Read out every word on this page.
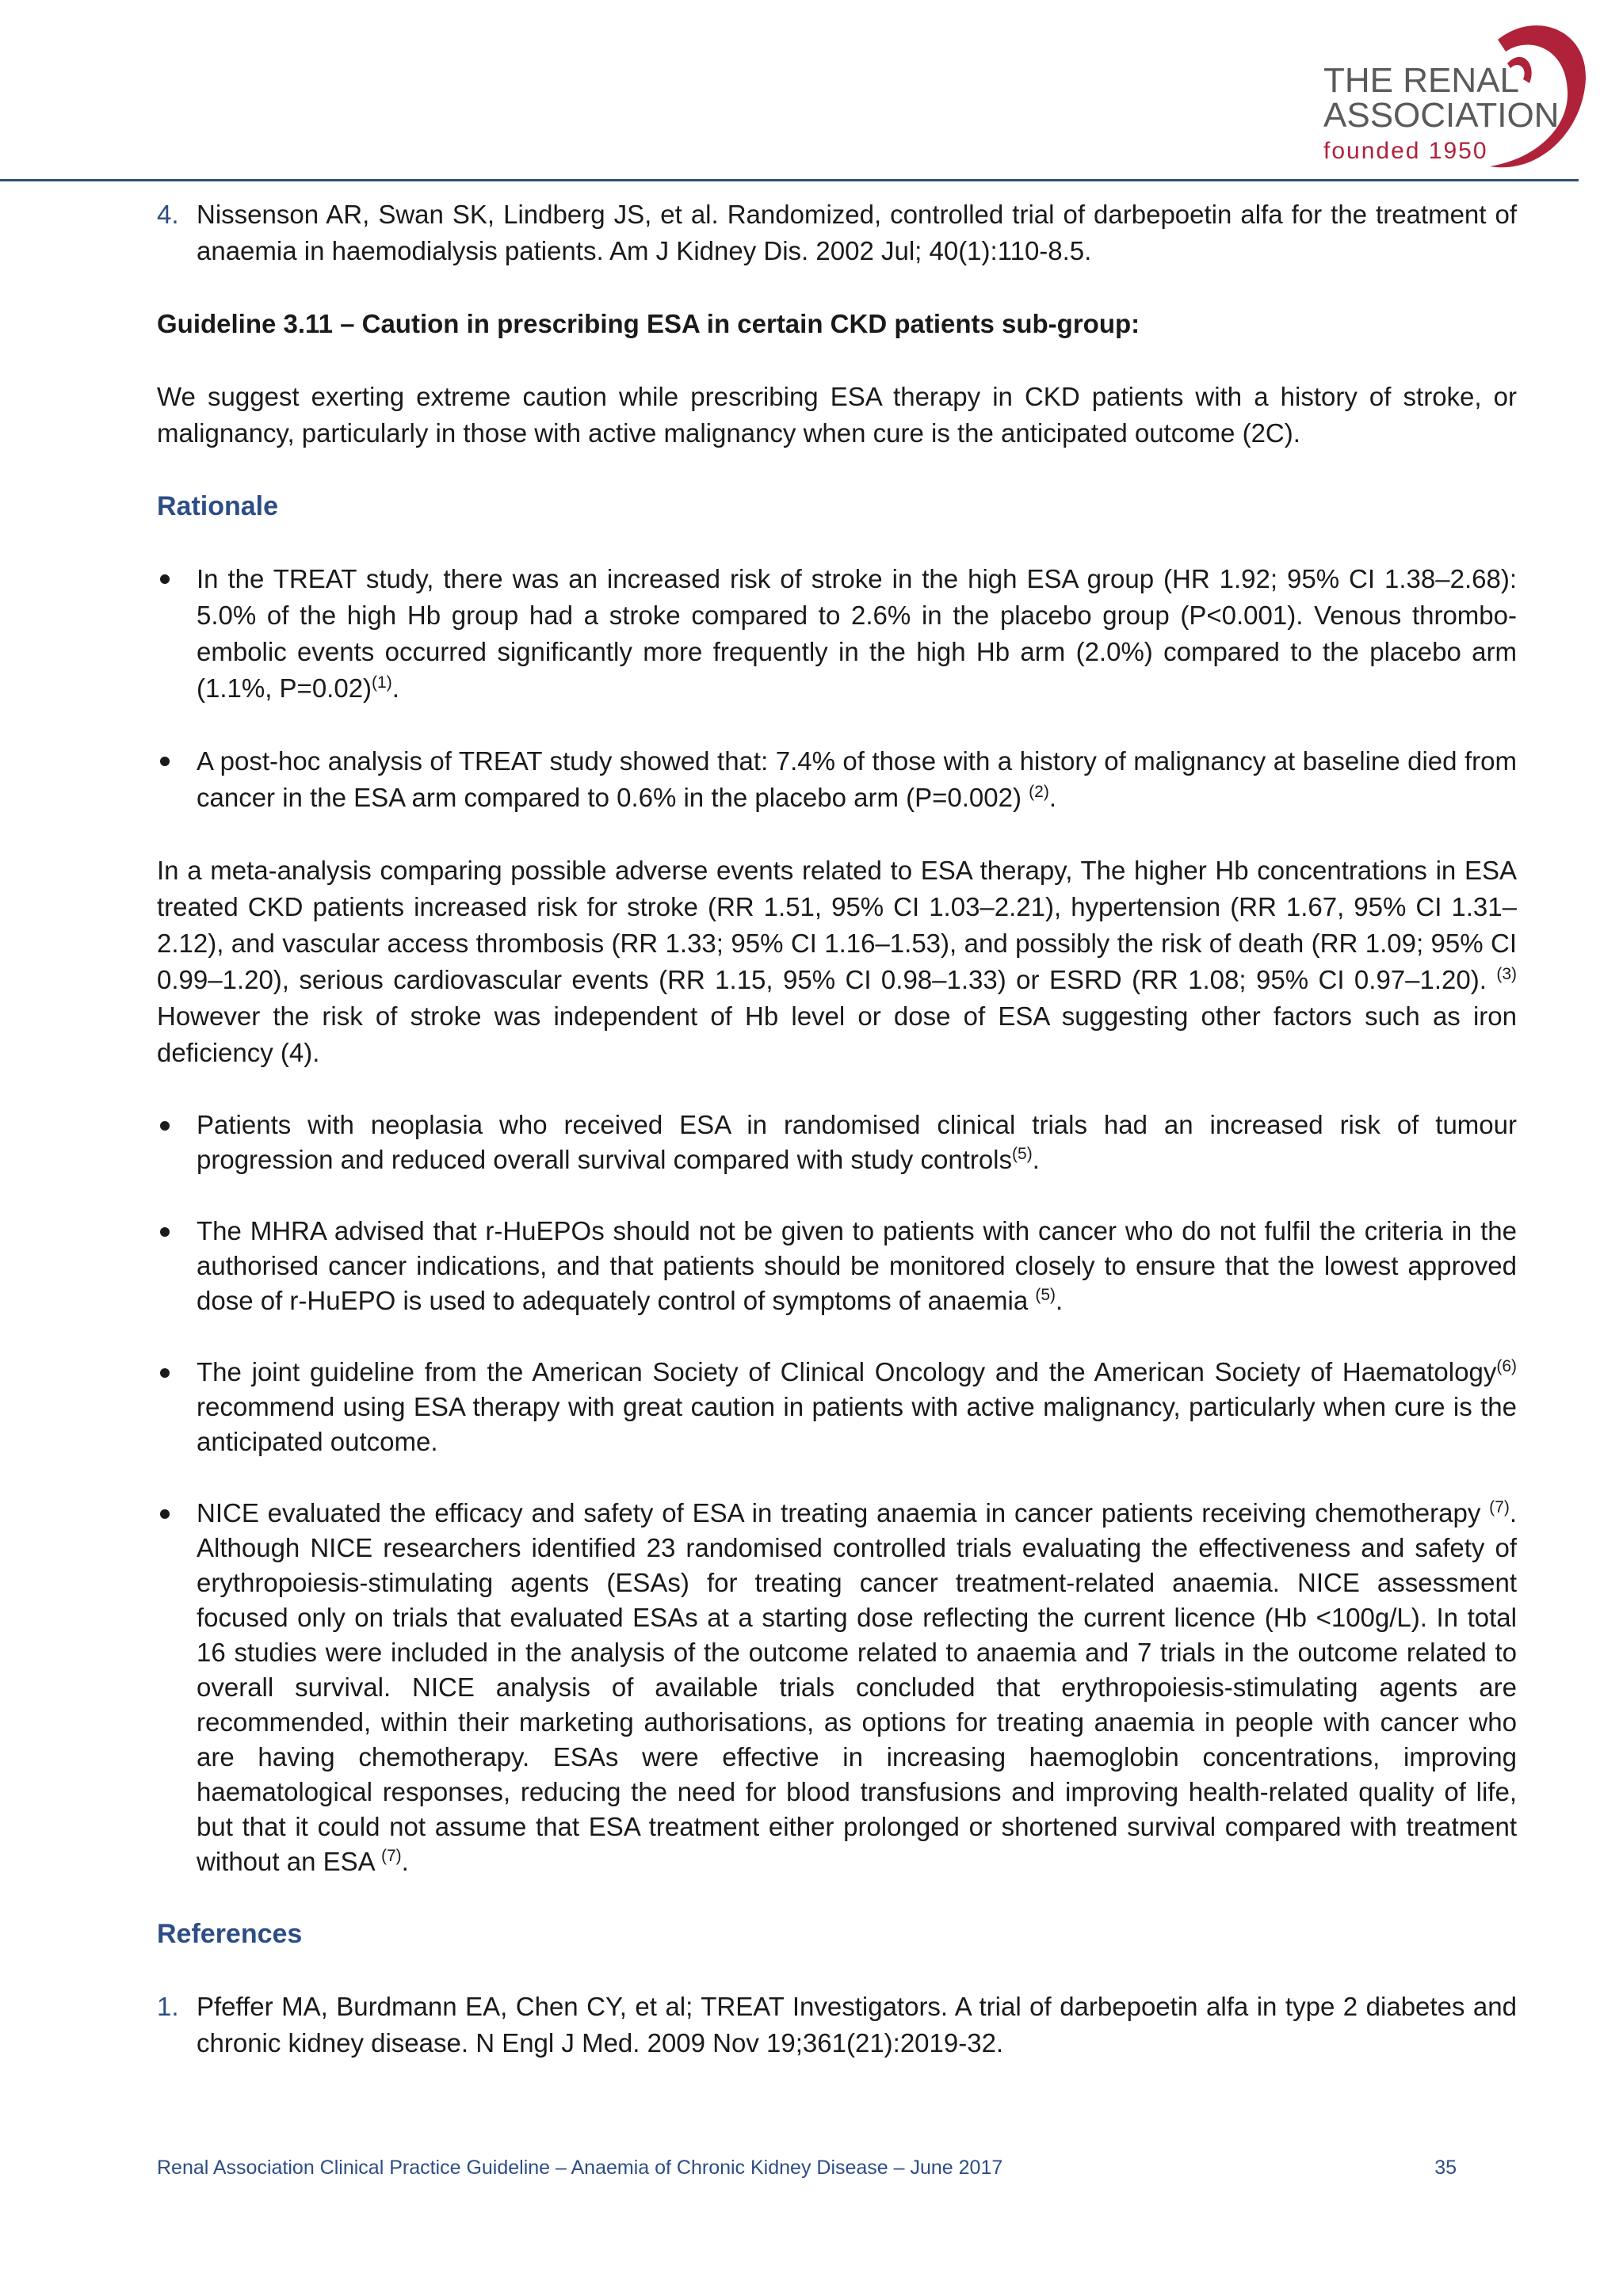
THE RENAL
ASSOCIATION
founded 1950
4. Nissenson AR, Swan SK, Lindberg JS, et al. Randomized, controlled trial of darbepoetin alfa for the treatment of anaemia in haemodialysis patients. Am J Kidney Dis. 2002 Jul; 40(1):110-8.5.

Guideline 3.11 – Caution in prescribing ESA in certain CKD patients sub-group:

We suggest exerting extreme caution while prescribing ESA therapy in CKD patients with a history of stroke, or malignancy, particularly in those with active malignancy when cure is the anticipated outcome (2C).

Rationale
In the TREAT study, there was an increased risk of stroke in the high ESA group (HR 1.92; 95% CI 1.38–2.68): 5.0% of the high Hb group had a stroke compared to 2.6% in the placebo group (P<0.001). Venous thrombo-embolic events occurred significantly more frequently in the high Hb arm (2.0%) compared to the placebo arm (1.1%, P=0.02)$^{(1)}$.
A post-hoc analysis of TREAT study showed that: 7.4% of those with a history of malignancy at baseline died from cancer in the ESA arm compared to 0.6% in the placebo arm (P=0.002) $^{(2)}$.

In a meta-analysis comparing possible adverse events related to ESA therapy, The higher Hb concentrations in ESA treated CKD patients increased risk for stroke (RR 1.51, 95% CI 1.03–2.21), hypertension (RR 1.67, 95% CI 1.31–2.12), and vascular access thrombosis (RR 1.33; 95% CI 1.16–1.53), and possibly the risk of death (RR 1.09; 95% CI 0.99–1.20), serious cardiovascular events (RR 1.15, 95% CI 0.98–1.33) or ESRD (RR 1.08; 95% CI 0.97–1.20). $^{(3)}$ However the risk of stroke was independent of Hb level or dose of ESA suggesting other factors such as iron deficiency (4).

Patients with neoplasia who received ESA in randomised clinical trials had an increased risk of tumour progression and reduced overall survival compared with study controls$^{(5)}$.
The MHRA advised that r-HuEPOs should not be given to patients with cancer who do not fulfil the criteria in the authorised cancer indications, and that patients should be monitored closely to ensure that the lowest approved dose of r-HuEPO is used to adequately control of symptoms of anaemia $^{(5)}$.
The joint guideline from the American Society of Clinical Oncology and the American Society of Haematology$^{(6)}$ recommend using ESA therapy with great caution in patients with active malignancy, particularly when cure is the anticipated outcome.
NICE evaluated the efficacy and safety of ESA in treating anaemia in cancer patients receiving chemotherapy $^{(7)}$. Although NICE researchers identified 23 randomised controlled trials evaluating the effectiveness and safety of erythropoiesis-stimulating agents (ESAs) for treating cancer treatment-related anaemia. NICE assessment focused only on trials that evaluated ESAs at a starting dose reflecting the current licence (Hb <100g/L). In total 16 studies were included in the analysis of the outcome related to anaemia and 7 trials in the outcome related to overall survival. NICE analysis of available trials concluded that erythropoiesis-stimulating agents are recommended, within their marketing authorisations, as options for treating anaemia in people with cancer who are having chemotherapy. ESAs were effective in increasing haemoglobin concentrations, improving haematological responses, reducing the need for blood transfusions and improving health-related quality of life, but that it could not assume that ESA treatment either prolonged or shortened survival compared with treatment without an ESA $^{(7)}$.
References
1. Pfeffer MA, Burdmann EA, Chen CY, et al; TREAT Investigators. A trial of darbepoetin alfa in type 2 diabetes and chronic kidney disease. N Engl J Med. 2009 Nov 19;361(21):2019-32.
Renal Association Clinical Practice Guideline – Anaemia of Chronic Kidney Disease – June 2017	35
